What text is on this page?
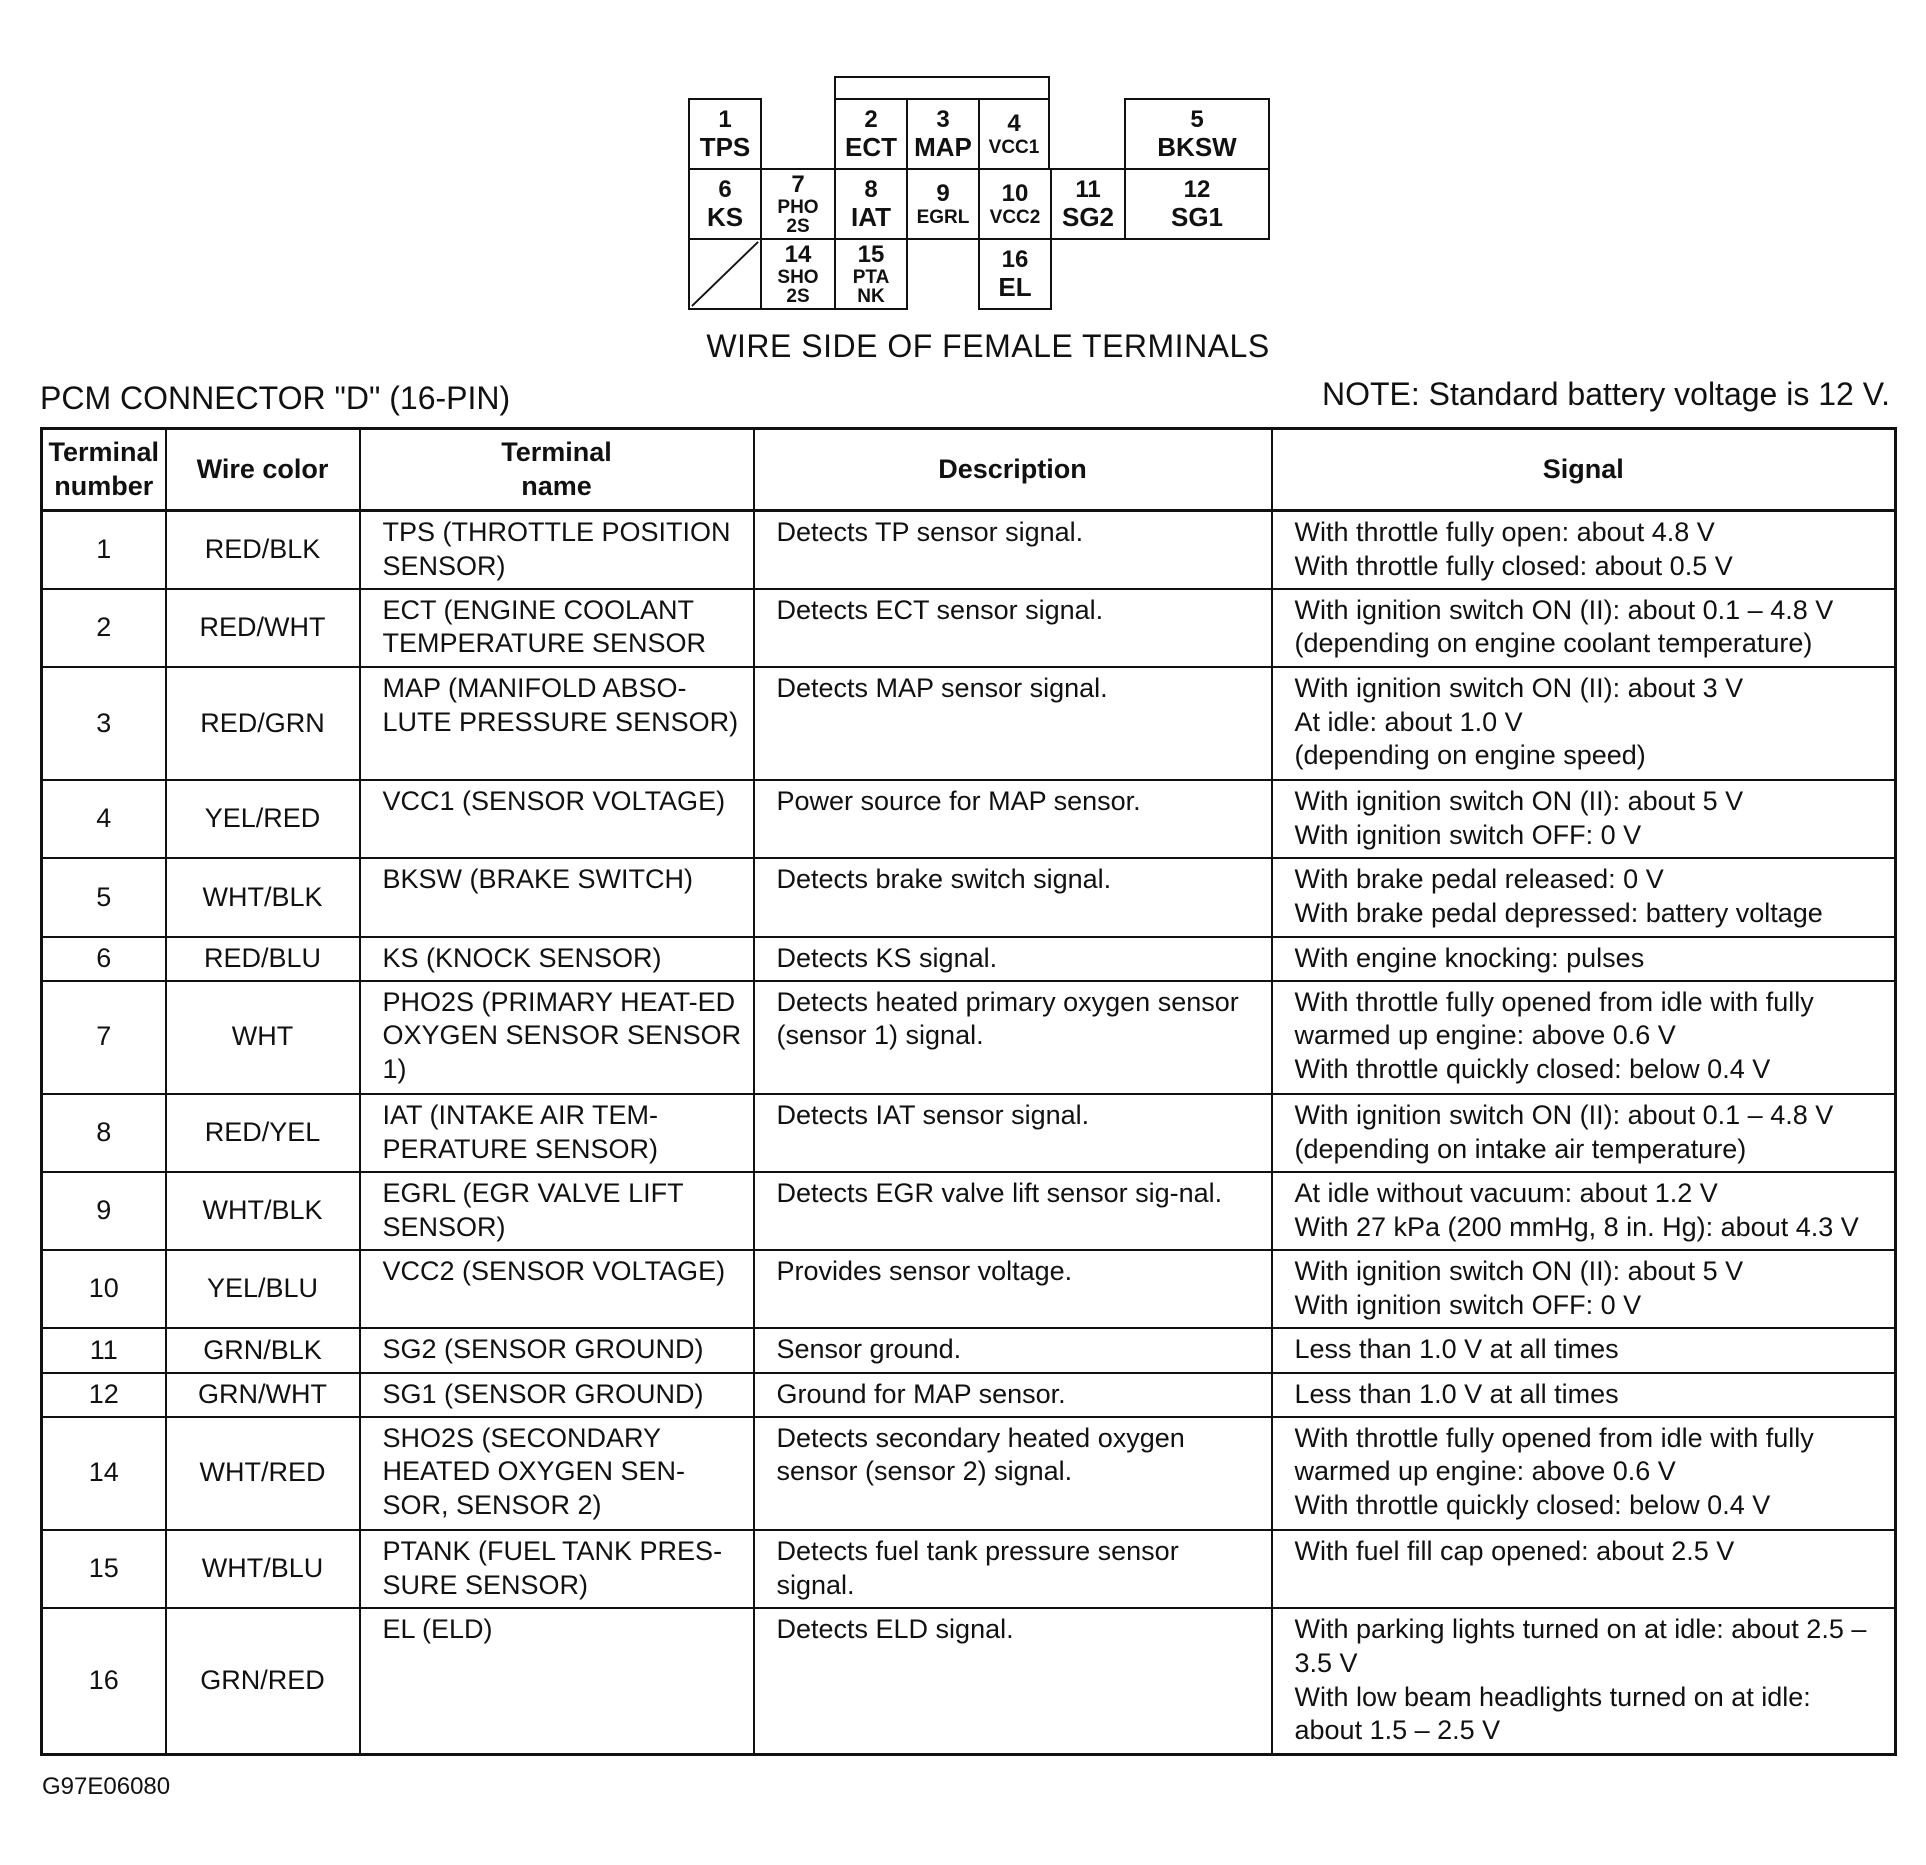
1
TPS
2
ECT
3
MAP
4
VCC1
5
BKSW
6
KS
7
PHO 2S
8
IAT
9
EGRL
10
VCC2
11
SG2
12
SG1
14
SHO 2S
15
PTA NK
16
EL
WIRE SIDE OF FEMALE TERMINALS
PCM CONNECTOR "D" (16-PIN)	NOTE: Standard battery voltage is 12 V.
Terminal number	Wire color	Terminal name	Description	Signal
1	RED/BLK	TPS (THROTTLE POSITION SENSOR)	Detects TP sensor signal.	With throttle fully open: about 4.8 V
With throttle fully closed: about 0.5 V
2	RED/WHT	ECT (ENGINE COOLANT TEMPERATURE SENSOR	Detects ECT sensor signal.	With ignition switch ON (II): about 0.1 – 4.8 V
(depending on engine coolant temperature)
3	RED/GRN	MAP (MANIFOLD ABSO-LUTE PRESSURE SENSOR)	Detects MAP sensor signal.	With ignition switch ON (II): about 3 V
At idle: about 1.0 V
(depending on engine speed)
4	YEL/RED	VCC1 (SENSOR VOLTAGE)	Power source for MAP sensor.	With ignition switch ON (II): about 5 V
With ignition switch OFF: 0 V
5	WHT/BLK	BKSW (BRAKE SWITCH)	Detects brake switch signal.	With brake pedal released: 0 V
With brake pedal depressed: battery voltage
6	RED/BLU	KS (KNOCK SENSOR)	Detects KS signal.	With engine knocking: pulses
7	WHT	PHO2S (PRIMARY HEAT-ED OXYGEN SENSOR SENSOR 1)	Detects heated primary oxygen sensor (sensor 1) signal.	With throttle fully opened from idle with fully warmed up engine: above 0.6 V
With throttle quickly closed: below 0.4 V
8	RED/YEL	IAT (INTAKE AIR TEM-PERATURE SENSOR)	Detects IAT sensor signal.	With ignition switch ON (II): about 0.1 – 4.8 V (depending on intake air temperature)
9	WHT/BLK	EGRL (EGR VALVE LIFT SENSOR)	Detects EGR valve lift sensor sig-nal.	At idle without vacuum: about 1.2 V
With 27 kPa (200 mmHg, 8 in. Hg): about 4.3 V
10	YEL/BLU	VCC2 (SENSOR VOLTAGE)	Provides sensor voltage.	With ignition switch ON (II): about 5 V
With ignition switch OFF: 0 V
11	GRN/BLK	SG2 (SENSOR GROUND)	Sensor ground.	Less than 1.0 V at all times
12	GRN/WHT	SG1 (SENSOR GROUND)	Ground for MAP sensor.	Less than 1.0 V at all times
14	WHT/RED	SHO2S (SECONDARY HEATED OXYGEN SEN-SOR, SENSOR 2)	Detects secondary heated oxygen sensor (sensor 2) signal.	With throttle fully opened from idle with fully warmed up engine: above 0.6 V
With throttle quickly closed: below 0.4 V
15	WHT/BLU	PTANK (FUEL TANK PRES-SURE SENSOR)	Detects fuel tank pressure sensor signal.	With fuel fill cap opened: about 2.5 V
16	GRN/RED	EL (ELD)	Detects ELD signal.	With parking lights turned on at idle: about 2.5 – 3.5 V
With low beam headlights turned on at idle: about 1.5 – 2.5 V
G97E06080
